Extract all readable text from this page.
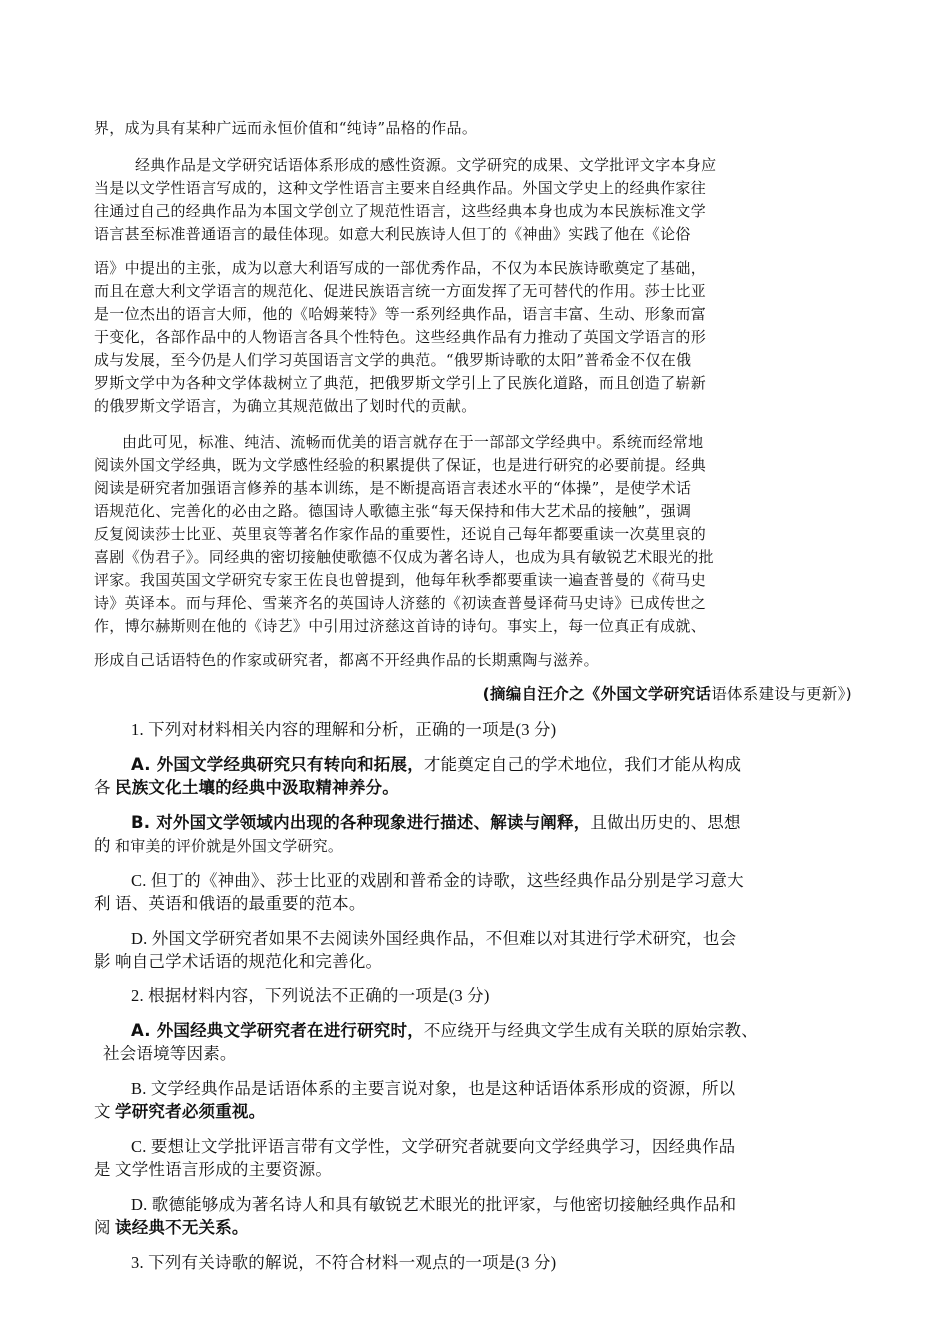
界，成为具有某种广远而永恒价值和“纯诗”品格的作品。
经典作品是文学研究话语体系形成的感性资源。文学研究的成果、文学批评文字本身应
当是以文学性语言写成的，这种文学性语言主要来自经典作品。外国文学史上的经典作家往
往通过自己的经典作品为本国文学创立了规范性语言，这些经典本身也成为本民族标准文学
语言甚至标准普通语言的最佳体现。如意大利民族诗人但丁的《神曲》实践了他在《论俗
语》中提出的主张，成为以意大利语写成的一部优秀作品，不仅为本民族诗歌奠定了基础，
而且在意大利文学语言的规范化、促进民族语言统一方面发挥了无可替代的作用。莎士比亚
是一位杰出的语言大师，他的《哈姆莱特》等一系列经典作品，语言丰富、生动、形象而富
于变化，各部作品中的人物语言各具个性特色。这些经典作品有力推动了英国文学语言的形
成与发展，至今仍是人们学习英国语言文学的典范。“俄罗斯诗歌的太阳”普希金不仅在俄
罗斯文学中为各种文学体裁树立了典范，把俄罗斯文学引上了民族化道路，而且创造了崭新
的俄罗斯文学语言，为确立其规范做出了划时代的贡献。
由此可见，标准、纯洁、流畅而优美的语言就存在于一部部文学经典中。系统而经常地
阅读外国文学经典，既为文学感性经验的积累提供了保证，也是进行研究的必要前提。经典
阅读是研究者加强语言修养的基本训练，是不断提高语言表述水平的“体操”，是使学术话
语规范化、完善化的必由之路。德国诗人歌德主张“每天保持和伟大艺术品的接触”，强调
反复阅读莎士比亚、英里哀等著名作家作品的重要性，还说自己每年都要重读一次莫里哀的
喜剧《伪君子》。同经典的密切接触使歌德不仅成为著名诗人，也成为具有敏锐艺术眼光的批
评家。我国英国文学研究专家王佐良也曾提到，他每年秋季都要重读一遍查普曼的《荷马史
诗》英译本。而与拜伦、雪莱齐名的英国诗人济慈的《初读查普曼译荷马史诗》已成传世之
作，博尔赫斯则在他的《诗艺》中引用过济慈这首诗的诗句。事实上，每一位真正有成就、
形成自己话语特色的作家或研究者，都离不开经典作品的长期熏陶与滋养。
(摘编自汪介之《外国文学研究话语体系建设与更新》)
1. 下列对材料相关内容的理解和分析，正确的一项是(3 分)
A. 外国文学经典研究只有转向和拓展，才能奠定自己的学术地位，我们才能从构成
各 民族文化土壤的经典中汲取精神养分。
B. 对外国文学领域内出现的各种现象进行描述、解读与阐释，且做出历史的、思想
的 和审美的评价就是外国文学研究。
C. 但丁的《神曲》、莎士比亚的戏剧和普希金的诗歌，这些经典作品分别是学习意大
利 语、英语和俄语的最重要的范本。
D. 外国文学研究者如果不去阅读外国经典作品，不但难以对其进行学术研究，也会
影 响自己学术话语的规范化和完善化。
2. 根据材料内容，下列说法不正确的一项是(3 分)
A. 外国经典文学研究者在进行研究时，不应绕开与经典文学生成有关联的原始宗教、
社会语境等因素。
B. 文学经典作品是话语体系的主要言说对象，也是这种话语体系形成的资源，所以
文 学研究者必须重视。
C. 要想让文学批评语言带有文学性，文学研究者就要向文学经典学习，因经典作品
是 文学性语言形成的主要资源。
D. 歌德能够成为著名诗人和具有敏锐艺术眼光的批评家，与他密切接触经典作品和
阅 读经典不无关系。
3. 下列有关诗歌的解说，不符合材料一观点的一项是(3 分)
